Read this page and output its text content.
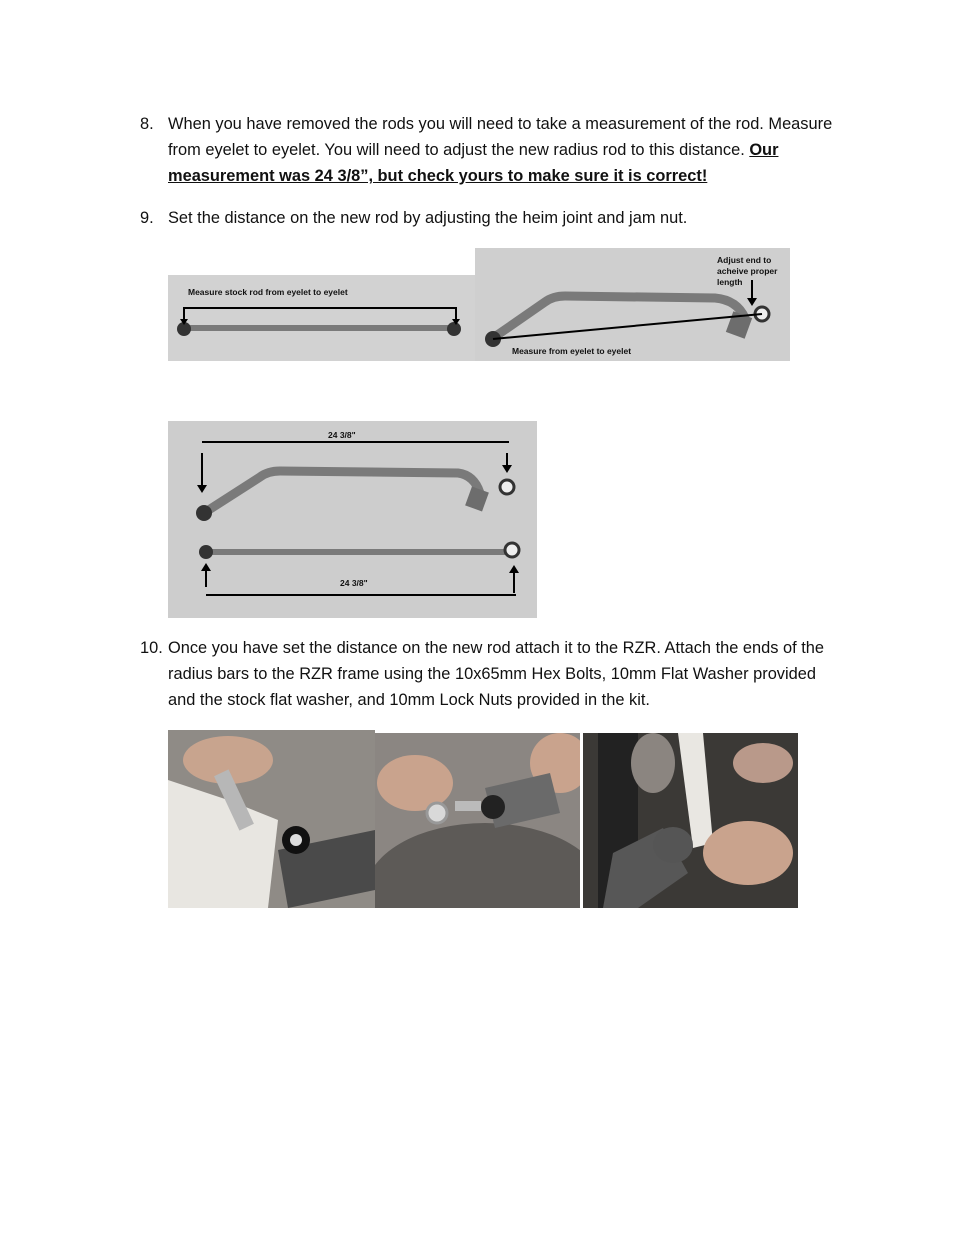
8. When you have removed the rods you will need to take a measurement of the rod. Measure from eyelet to eyelet. You will need to adjust the new radius rod to this distance. Our measurement was 24 3/8”, but check yours to make sure it is correct!
9. Set the distance on the new rod by adjusting the heim joint and jam nut.
Measure stock rod from eyelet to eyelet
Adjust end to
acheive proper
length
Measure from eyelet to eyelet
24 3/8"
24 3/8"
10. Once you have set the distance on the new rod attach it to the RZR. Attach the ends of the radius bars to the RZR frame using the 10x65mm Hex Bolts, 10mm Flat Washer provided and the stock flat washer, and 10mm Lock Nuts provided in the kit.
